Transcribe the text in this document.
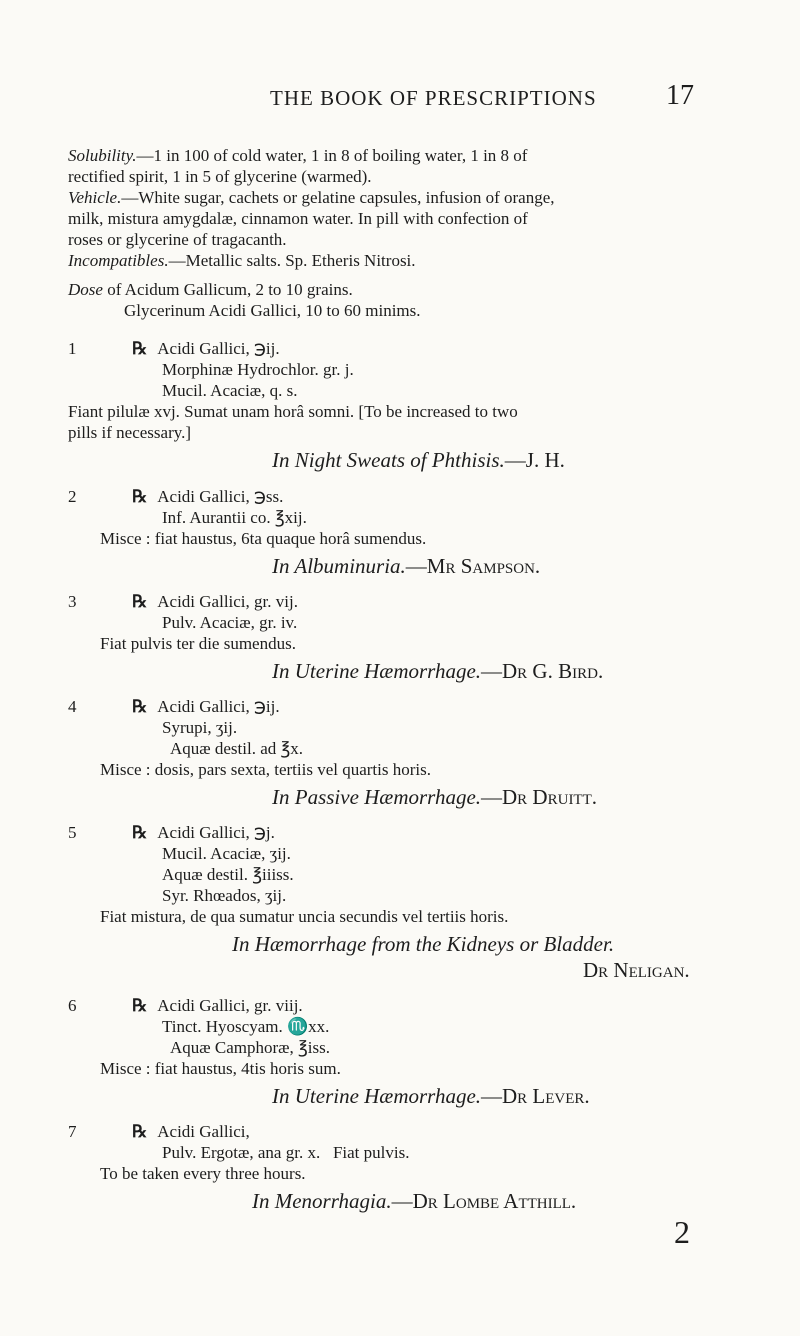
THE BOOK OF PRESCRIPTIONS 17
Solubility.—1 in 100 of cold water, 1 in 8 of boiling water, 1 in 8 of
rectified spirit, 1 in 5 of glycerine (warmed).
Vehicle.—White sugar, cachets or gelatine capsules, infusion of orange,
milk, mistura amygdalæ, cinnamon water. In pill with confection of
roses or glycerine of tragacanth.
Incompatibles.—Metallic salts. Sp. Etheris Nitrosi.
Dose of Acidum Gallicum, 2 to 10 grains.
Glycerinum Acidi Gallici, 10 to 60 minims.
1	℞ Acidi Gallici, ℈ij.
Morphinæ Hydrochlor. gr. j.
Mucil. Acaciæ, q. s.
Fiant pilulæ xvj. Sumat unam horâ somni. [To be increased to two
pills if necessary.]
In Night Sweats of Phthisis.—J. H.
2	℞ Acidi Gallici, ℈ss.
Inf. Aurantii co. ℥xij.
Misce : fiat haustus, 6ta quaque horâ sumendus.
In Albuminuria.—Mr Sampson.
3	℞ Acidi Gallici, gr. vij.
Pulv. Acaciæ, gr. iv.
Fiat pulvis ter die sumendus.
In Uterine Hæmorrhage.—Dr G. Bird.
4	℞ Acidi Gallici, ℈ij.
Syrupi, ʒij.
Aquæ destil. ad ℥x.
Misce : dosis, pars sexta, tertiis vel quartis horis.
In Passive Hæmorrhage.—Dr Druitt.
5	℞ Acidi Gallici, ℈j.
Mucil. Acaciæ, ʒij.
Aquæ destil. ℥iiiss.
Syr. Rhœados, ʒij.
Fiat mistura, de qua sumatur uncia secundis vel tertiis horis.
In Hæmorrhage from the Kidneys or Bladder.
Dr Neligan.
6	℞ Acidi Gallici, gr. viij.
Tinct. Hyoscyam. ♏xx.
Aquæ Camphoræ, ℥iss.
Misce : fiat haustus, 4tis horis sum.
In Uterine Hæmorrhage.—Dr Lever.
7	℞ Acidi Gallici,
Pulv. Ergotæ, ana gr. x.   Fiat pulvis.
To be taken every three hours.
In Menorrhagia.—Dr Lombe Atthill.
2
